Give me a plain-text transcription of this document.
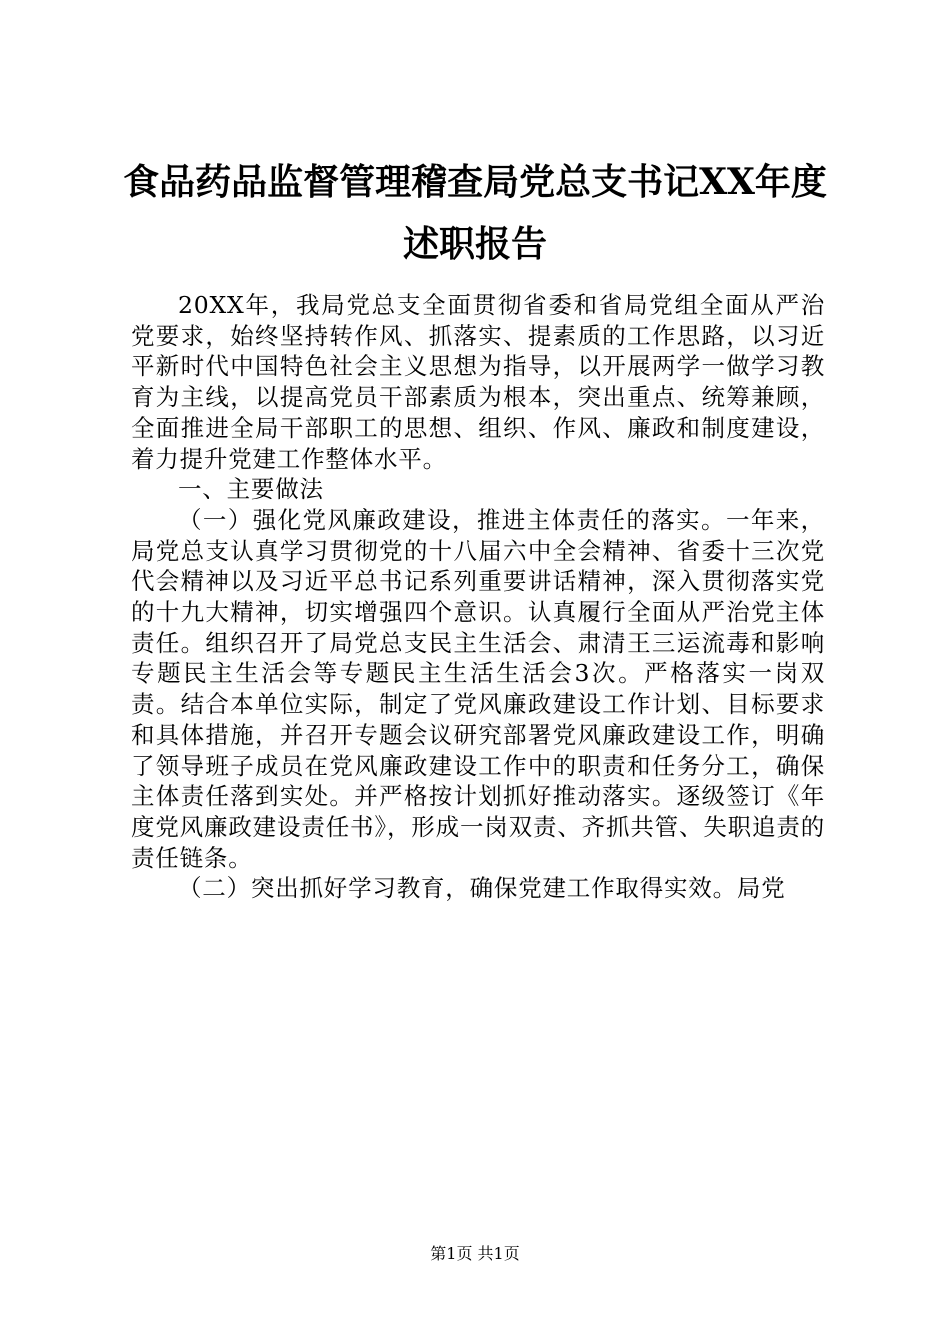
食品药品监督管理稽查局党总支书记XX年度
述职报告

20XX年，我局党总支全面贯彻省委和省局党组全面从严治党要求，始终坚持转作风、抓落实、提素质的工作思路，以习近平新时代中国特色社会主义思想为指导，以开展两学一做学习教育为主线，以提高党员干部素质为根本，突出重点、统筹兼顾，全面推进全局干部职工的思想、组织、作风、廉政和制度建设，着力提升党建工作整体水平。

一、主要做法

（一）强化党风廉政建设，推进主体责任的落实。一年来，局党总支认真学习贯彻党的十八届六中全会精神、省委十三次党代会精神以及习近平总书记系列重要讲话精神，深入贯彻落实党的十九大精神，切实增强四个意识。认真履行全面从严治党主体责任。组织召开了局党总支民主生活会、肃清王三运流毒和影响专题民主生活会等专题民主生活生活会3次。严格落实一岗双责。结合本单位实际，制定了党风廉政建设工作计划、目标要求和具体措施，并召开专题会议研究部署党风廉政建设工作，明确了领导班子成员在党风廉政建设工作中的职责和任务分工，确保主体责任落到实处。并严格按计划抓好推动落实。逐级签订《年度党风廉政建设责任书》，形成一岗双责、齐抓共管、失职追责的责任链条。

（二）突出抓好学习教育，确保党建工作取得实效。局党

第1页 共1页
